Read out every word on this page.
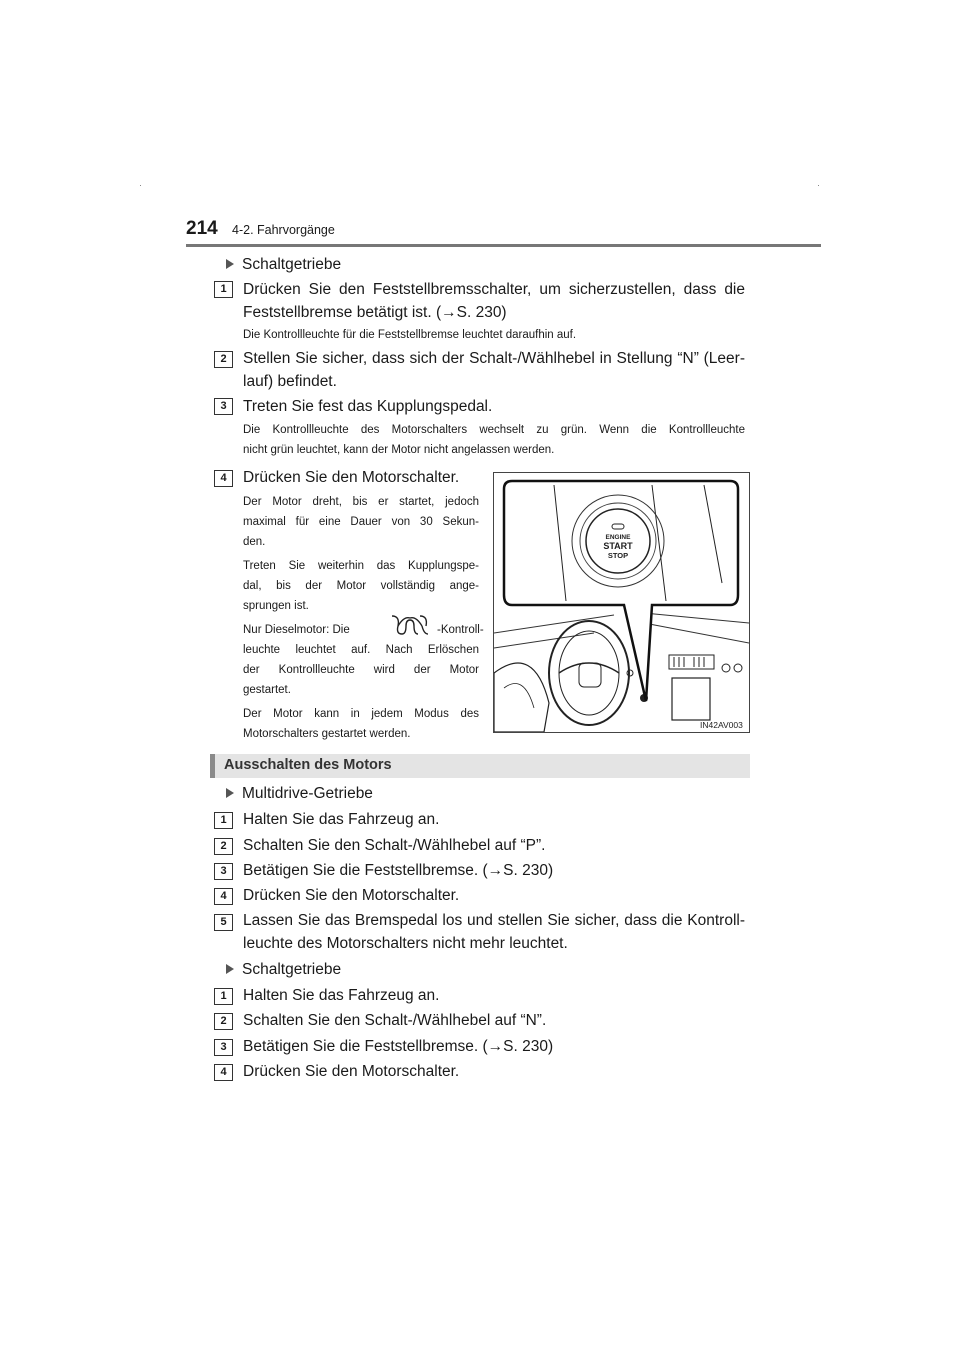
214 4-2. Fahrvorgänge
Schaltgetriebe
1	Drücken Sie den Feststellbremsschalter, um sicherzustellen, dass die
Feststellbremse betätigt ist. (→S. 230)
Die Kontrollleuchte für die Feststellbremse leuchtet daraufhin auf.
2	Stellen Sie sicher, dass sich der Schalt-/Wählhebel in Stellung “N” (Leer-
lauf) befindet.
3	Treten Sie fest das Kupplungspedal.
Die Kontrollleuchte des Motorschalters wechselt zu grün. Wenn die Kontrollleuchte
nicht grün leuchtet, kann der Motor nicht angelassen werden.
4	Drücken Sie den Motorschalter.
Der Motor dreht, bis er startet, jedoch
maximal für eine Dauer von 30 Sekun-
den.
Treten Sie weiterhin das Kupplungspe-
dal, bis der Motor vollständig ange-
sprungen ist.
Nur Dieselmotor: Die	-Kontroll-
leuchte leuchtet auf. Nach Erlöschen
der Kontrollleuchte wird der Motor
gestartet.
Der Motor kann in jedem Modus des
Motorschalters gestartet werden.
ENGINE
START
STOP
IN42AV003
Ausschalten des Motors
Multidrive-Getriebe
1	Halten Sie das Fahrzeug an.
2	Schalten Sie den Schalt-/Wählhebel auf “P”.
3	Betätigen Sie die Feststellbremse. (→S. 230)
4	Drücken Sie den Motorschalter.
5	Lassen Sie das Bremspedal los und stellen Sie sicher, dass die Kontroll-
leuchte des Motorschalters nicht mehr leuchtet.
Schaltgetriebe
1	Halten Sie das Fahrzeug an.
2	Schalten Sie den Schalt-/Wählhebel auf “N”.
3	Betätigen Sie die Feststellbremse. (→S. 230)
4	Drücken Sie den Motorschalter.
